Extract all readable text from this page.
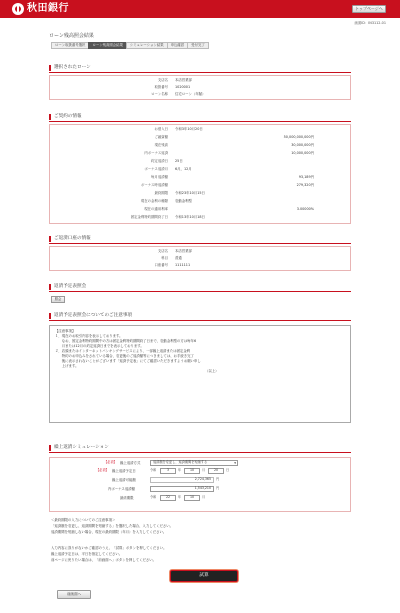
秋田銀行	トップページへ
画面ID：IN3112-01
ローン残高照会結果
ローン取扱番号選択	ローン残高照会結果	シミュレーション結果	申込確認	受付完了
選択されたローン
支店名 本店営業部
取扱番号 1020001
ローン名称 住宅ローン（年賦）
ご契約の情報
お借入日 令和3年10月20日
ご融資額	50,000,000,000円
現在残高	30,000,000円
内ボーナス返済	10,000,000円
約定返済日 25日
ボーナス返済月 6月，12月
毎月返済額	93,189円
ボーナス時返済額	279,320円
最終期限 令和23年10月15日
現在の金利の種類 変動金利型
現在の適用利率	3.00000%
固定金利特約期間終了日 令和13年10月18日
ご返済口座の情報
支店名 本店営業部
科目 普通
口座番号 1111111
返済予定表照会
照会
返済予定表照会についてのご注意事項
【注意事項】
１．現在のお取引内容を表示しております。
　　なお、固定金利特約期間中の方は固定金利特約期間終了日まで、変動金利型の方は毎年6
　　月または12月の約定返済日までを表示しております。
２．店頭またはインターネットバンキングサービスにより、一部繰上返済または固定金利
　　特約のお申込みをされている場合、変更後のご返済額等につきましては、お手続き完了
　　後に表示されないことがございます「返済予定表」にてご確認いただきますようお願い申し
　　上げます。
（以上）
繰上返済シミュレーション
【必須】 繰上返済方式	返済額を変更し、返済期間を短縮する
▾
【必須】 繰上返済予定日	令和	3	年	10	月	20	日
繰上返済可能額	2,724,365	円
内ボーナス返済額	1,543,210	円
最終期限	令和	22	年	10	月
＜最終期限の入力についてのご注意事項＞
「返済額を変更し、返済期間を短縮する」を選択した場合、入力してください。
返済期間を短縮しない場合、現在の最終期限（年月）を入力してください。
入力内容に誤りがないかご確認のうえ、「試算」ボタンを押してください。
繰上返済予定日は、平日を指定してください。
前ページに戻りたい場合は、「前画面へ」ボタンを押してください。
試算
前画面へ
